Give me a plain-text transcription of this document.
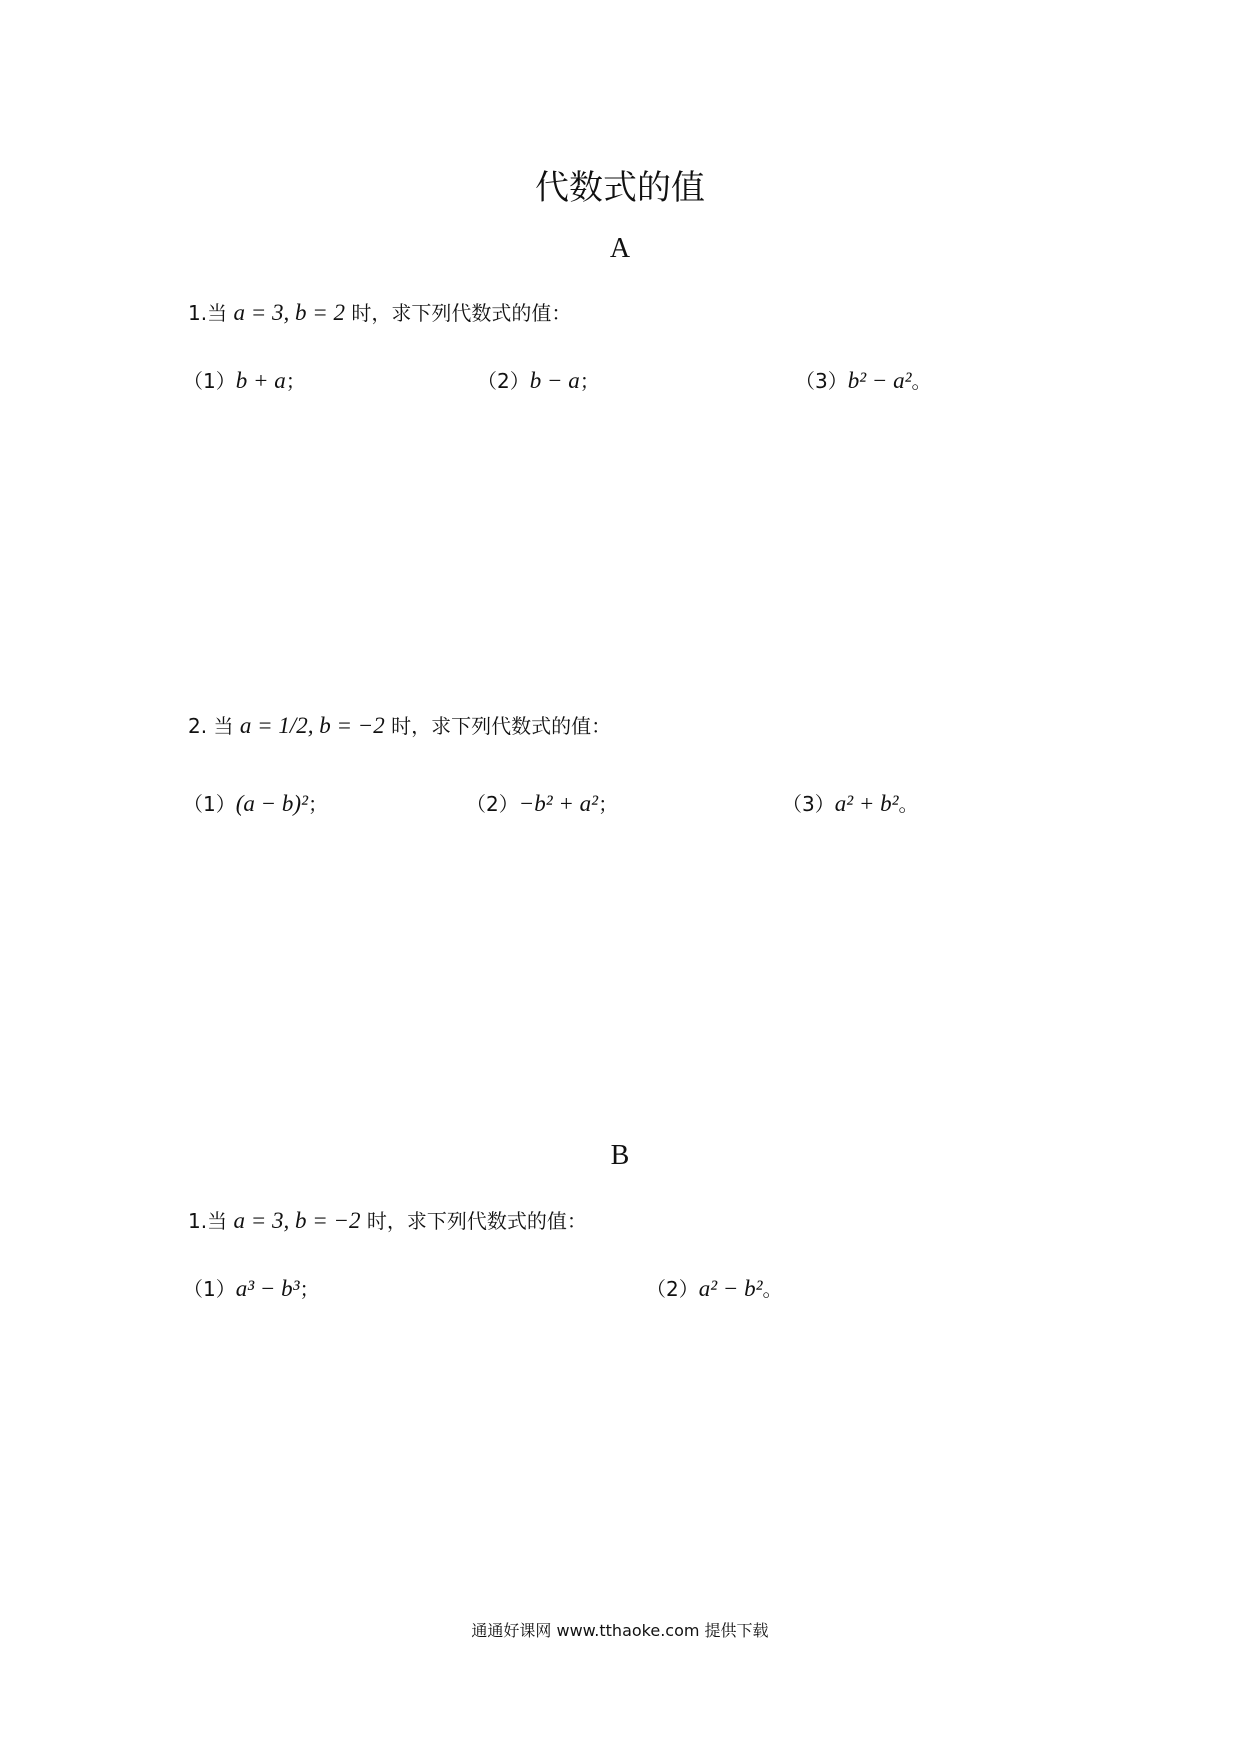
代数式的值
A
1.当 a = 3, b = 2 时，求下列代数式的值：
（1）b + a；	（2）b − a；	（3）b² − a²。
2. 当 a = 1/2, b = −2 时，求下列代数式的值：
（1）(a − b)²；	（2）−b² + a²；	（3）a² + b²。
B
1.当 a = 3, b = −2 时，求下列代数式的值：
（1）a³ − b³；	（2）a² − b²。
通通好课网 www.tthaoke.com 提供下载
